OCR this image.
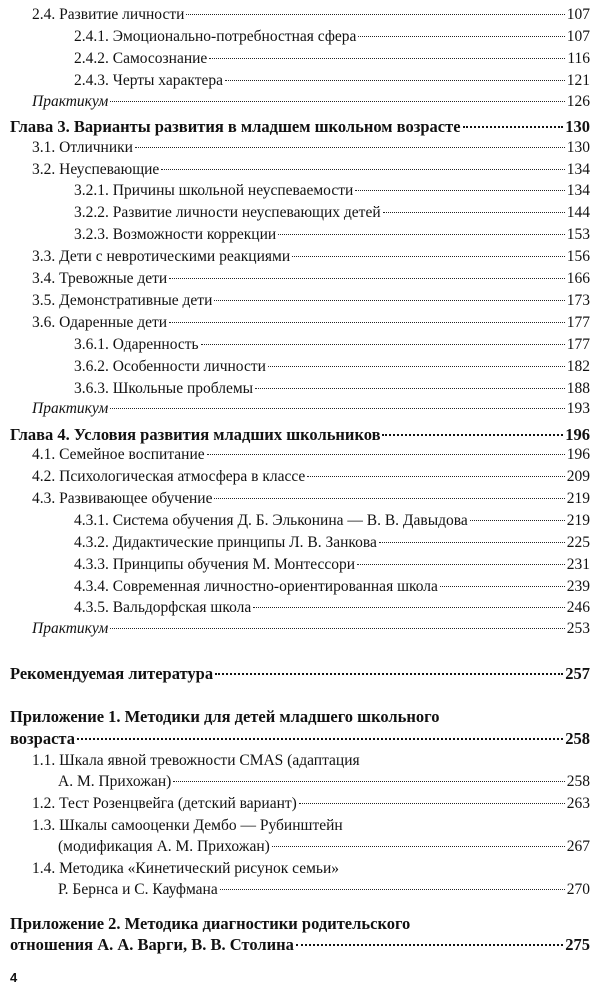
2.4. Развитие личности	107
2.4.1. Эмоционально-потребностная сфера	107
2.4.2. Самосознание	116
2.4.3. Черты характера	121
Практикум	126
Глава 3. Варианты развития в младшем школьном возрасте	130
3.1. Отличники	130
3.2. Неуспевающие	134
3.2.1. Причины школьной неуспеваемости	134
3.2.2. Развитие личности неуспевающих детей	144
3.2.3. Возможности коррекции	153
3.3. Дети с невротическими реакциями	156
3.4. Тревожные дети	166
3.5. Демонстративные дети	173
3.6. Одаренные дети	177
3.6.1. Одаренность	177
3.6.2. Особенности личности	182
3.6.3. Школьные проблемы	188
Практикум	193
Глава 4. Условия развития младших школьников	196
4.1. Семейное воспитание	196
4.2. Психологическая атмосфера в классе	209
4.3. Развивающее обучение	219
4.3.1. Система обучения Д. Б. Эльконина — В. В. Давыдова	219
4.3.2. Дидактические принципы Л. В. Занкова	225
4.3.3. Принципы обучения М. Монтессори	231
4.3.4. Современная личностно-ориентированная школа	239
4.3.5. Вальдорфская школа	246
Практикум	253
Рекомендуемая литература	257
Приложение 1. Методики для детей младшего школьного
возраста	258
1.1. Шкала явной тревожности CMAS (адаптация
А. М. Прихожан)	258
1.2. Тест Розенцвейга (детский вариант)	263
1.3. Шкалы самооценки Дембо — Рубинштейн
(модификация А. М. Прихожан)	267
1.4. Методика «Кинетический рисунок семьи»
Р. Бернса и С. Кауфмана	270
Приложение 2. Методика диагностики родительского
отношения А. А. Варги, В. В. Столина	275
4
